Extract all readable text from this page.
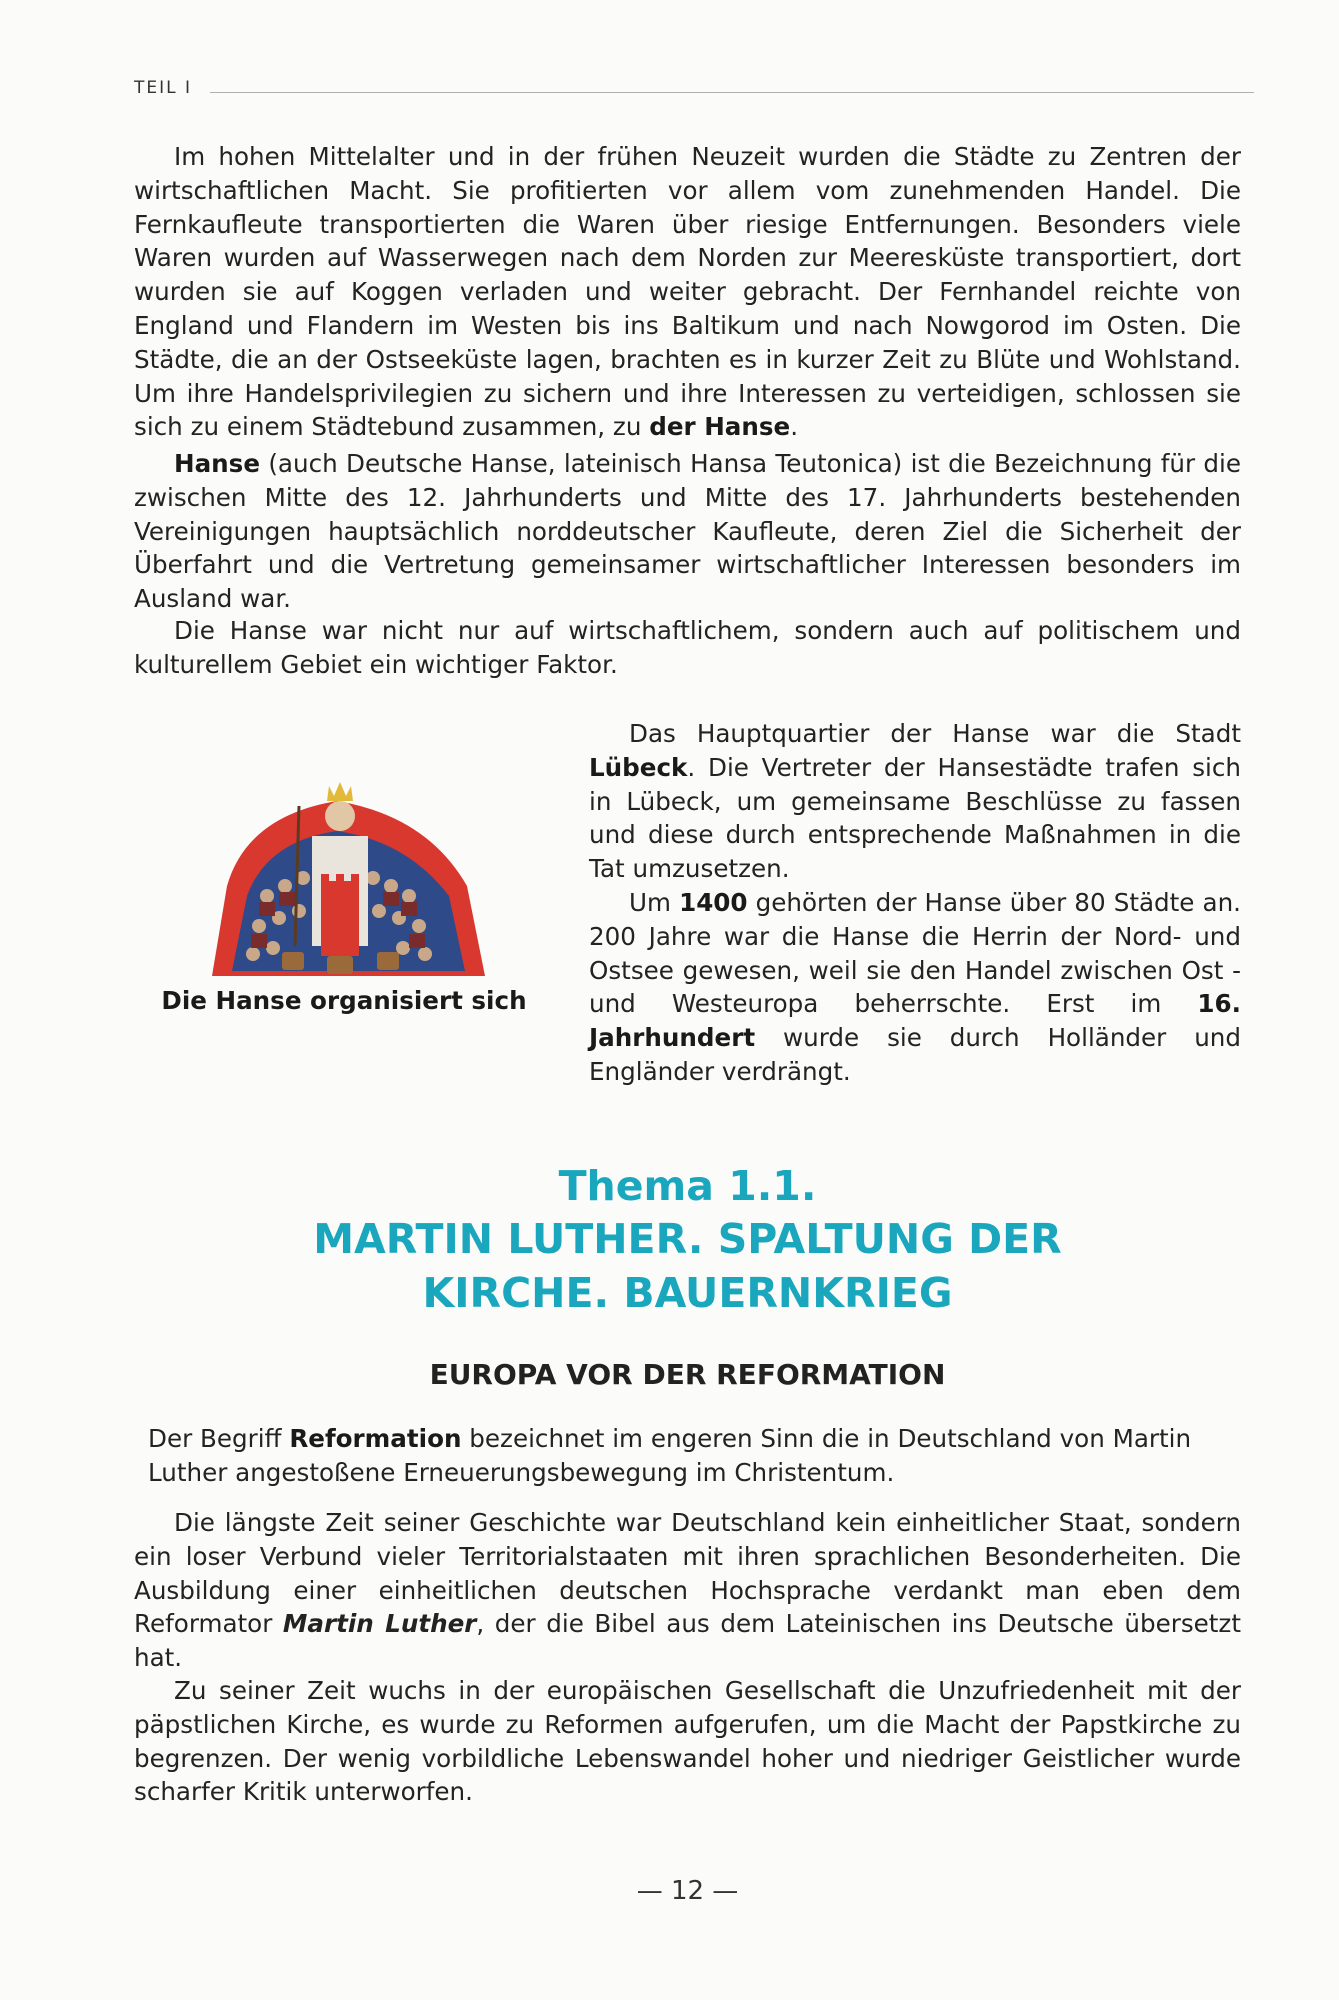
TEIL I

Im hohen Mittelalter und in der frühen Neuzeit wurden die Städte zu Zentren der wirtschaftlichen Macht. Sie profitierten vor allem vom zunehmenden Handel. Die Fernkaufleute transportierten die Waren über riesige Entfernungen. Besonders viele Waren wurden auf Wasserwegen nach dem Norden zur Meeresküste transportiert, dort wurden sie auf Koggen verladen und weiter gebracht. Der Fernhandel reichte von England und Flandern im Westen bis ins Baltikum und nach Nowgorod im Osten. Die Städte, die an der Ostseeküste lagen, brachten es in kurzer Zeit zu Blüte und Wohlstand. Um ihre Handelsprivilegien zu sichern und ihre Interessen zu verteidigen, schlossen sie sich zu einem Städtebund zusammen, zu der Hanse.

Hanse (auch Deutsche Hanse, lateinisch Hansa Teutonica) ist die Bezeichnung für die zwischen Mitte des 12. Jahrhunderts und Mitte des 17. Jahrhunderts bestehenden Vereinigungen hauptsächlich norddeutscher Kaufleute, deren Ziel die Sicherheit der Überfahrt und die Vertretung gemeinsamer wirtschaftlicher Interessen besonders im Ausland war.

Die Hanse war nicht nur auf wirtschaftlichem, sondern auch auf politischem und kulturellem Gebiet ein wichtiger Faktor.

Die Hanse organisiert sich

Das Hauptquartier der Hanse war die Stadt Lübeck. Die Vertreter der Hansestädte trafen sich in Lübeck, um gemeinsame Beschlüsse zu fassen und diese durch entsprechende Maßnahmen in die Tat umzusetzen.

Um 1400 gehörten der Hanse über 80 Städte an. 200 Jahre war die Hanse die Herrin der Nord- und Ostsee gewesen, weil sie den Handel zwischen Ost -und Westeuropa beherrschte. Erst im 16. Jahrhundert wurde sie durch Holländer und Engländer verdrängt.

Thema 1.1.
MARTIN LUTHER. SPALTUNG DER
KIRCHE. BAUERNKRIEG
EUROPA VOR DER REFORMATION

Der Begriff Reformation bezeichnet im engeren Sinn die in Deutschland von Martin Luther angestoßene Erneuerungsbewegung im Christentum.

Die längste Zeit seiner Geschichte war Deutschland kein einheitlicher Staat, sondern ein loser Verbund vieler Territorialstaaten mit ihren sprachlichen Besonderheiten. Die Ausbildung einer einheitlichen deutschen Hochsprache verdankt man eben dem Reformator Martin Luther, der die Bibel aus dem Lateinischen ins Deutsche übersetzt hat.

Zu seiner Zeit wuchs in der europäischen Gesellschaft die Unzufriedenheit mit der päpstlichen Kirche, es wurde zu Reformen aufgerufen, um die Macht der Papstkirche zu begrenzen. Der wenig vorbildliche Lebenswandel hoher und niedriger Geistlicher wurde scharfer Kritik unterworfen.

— 12 —
